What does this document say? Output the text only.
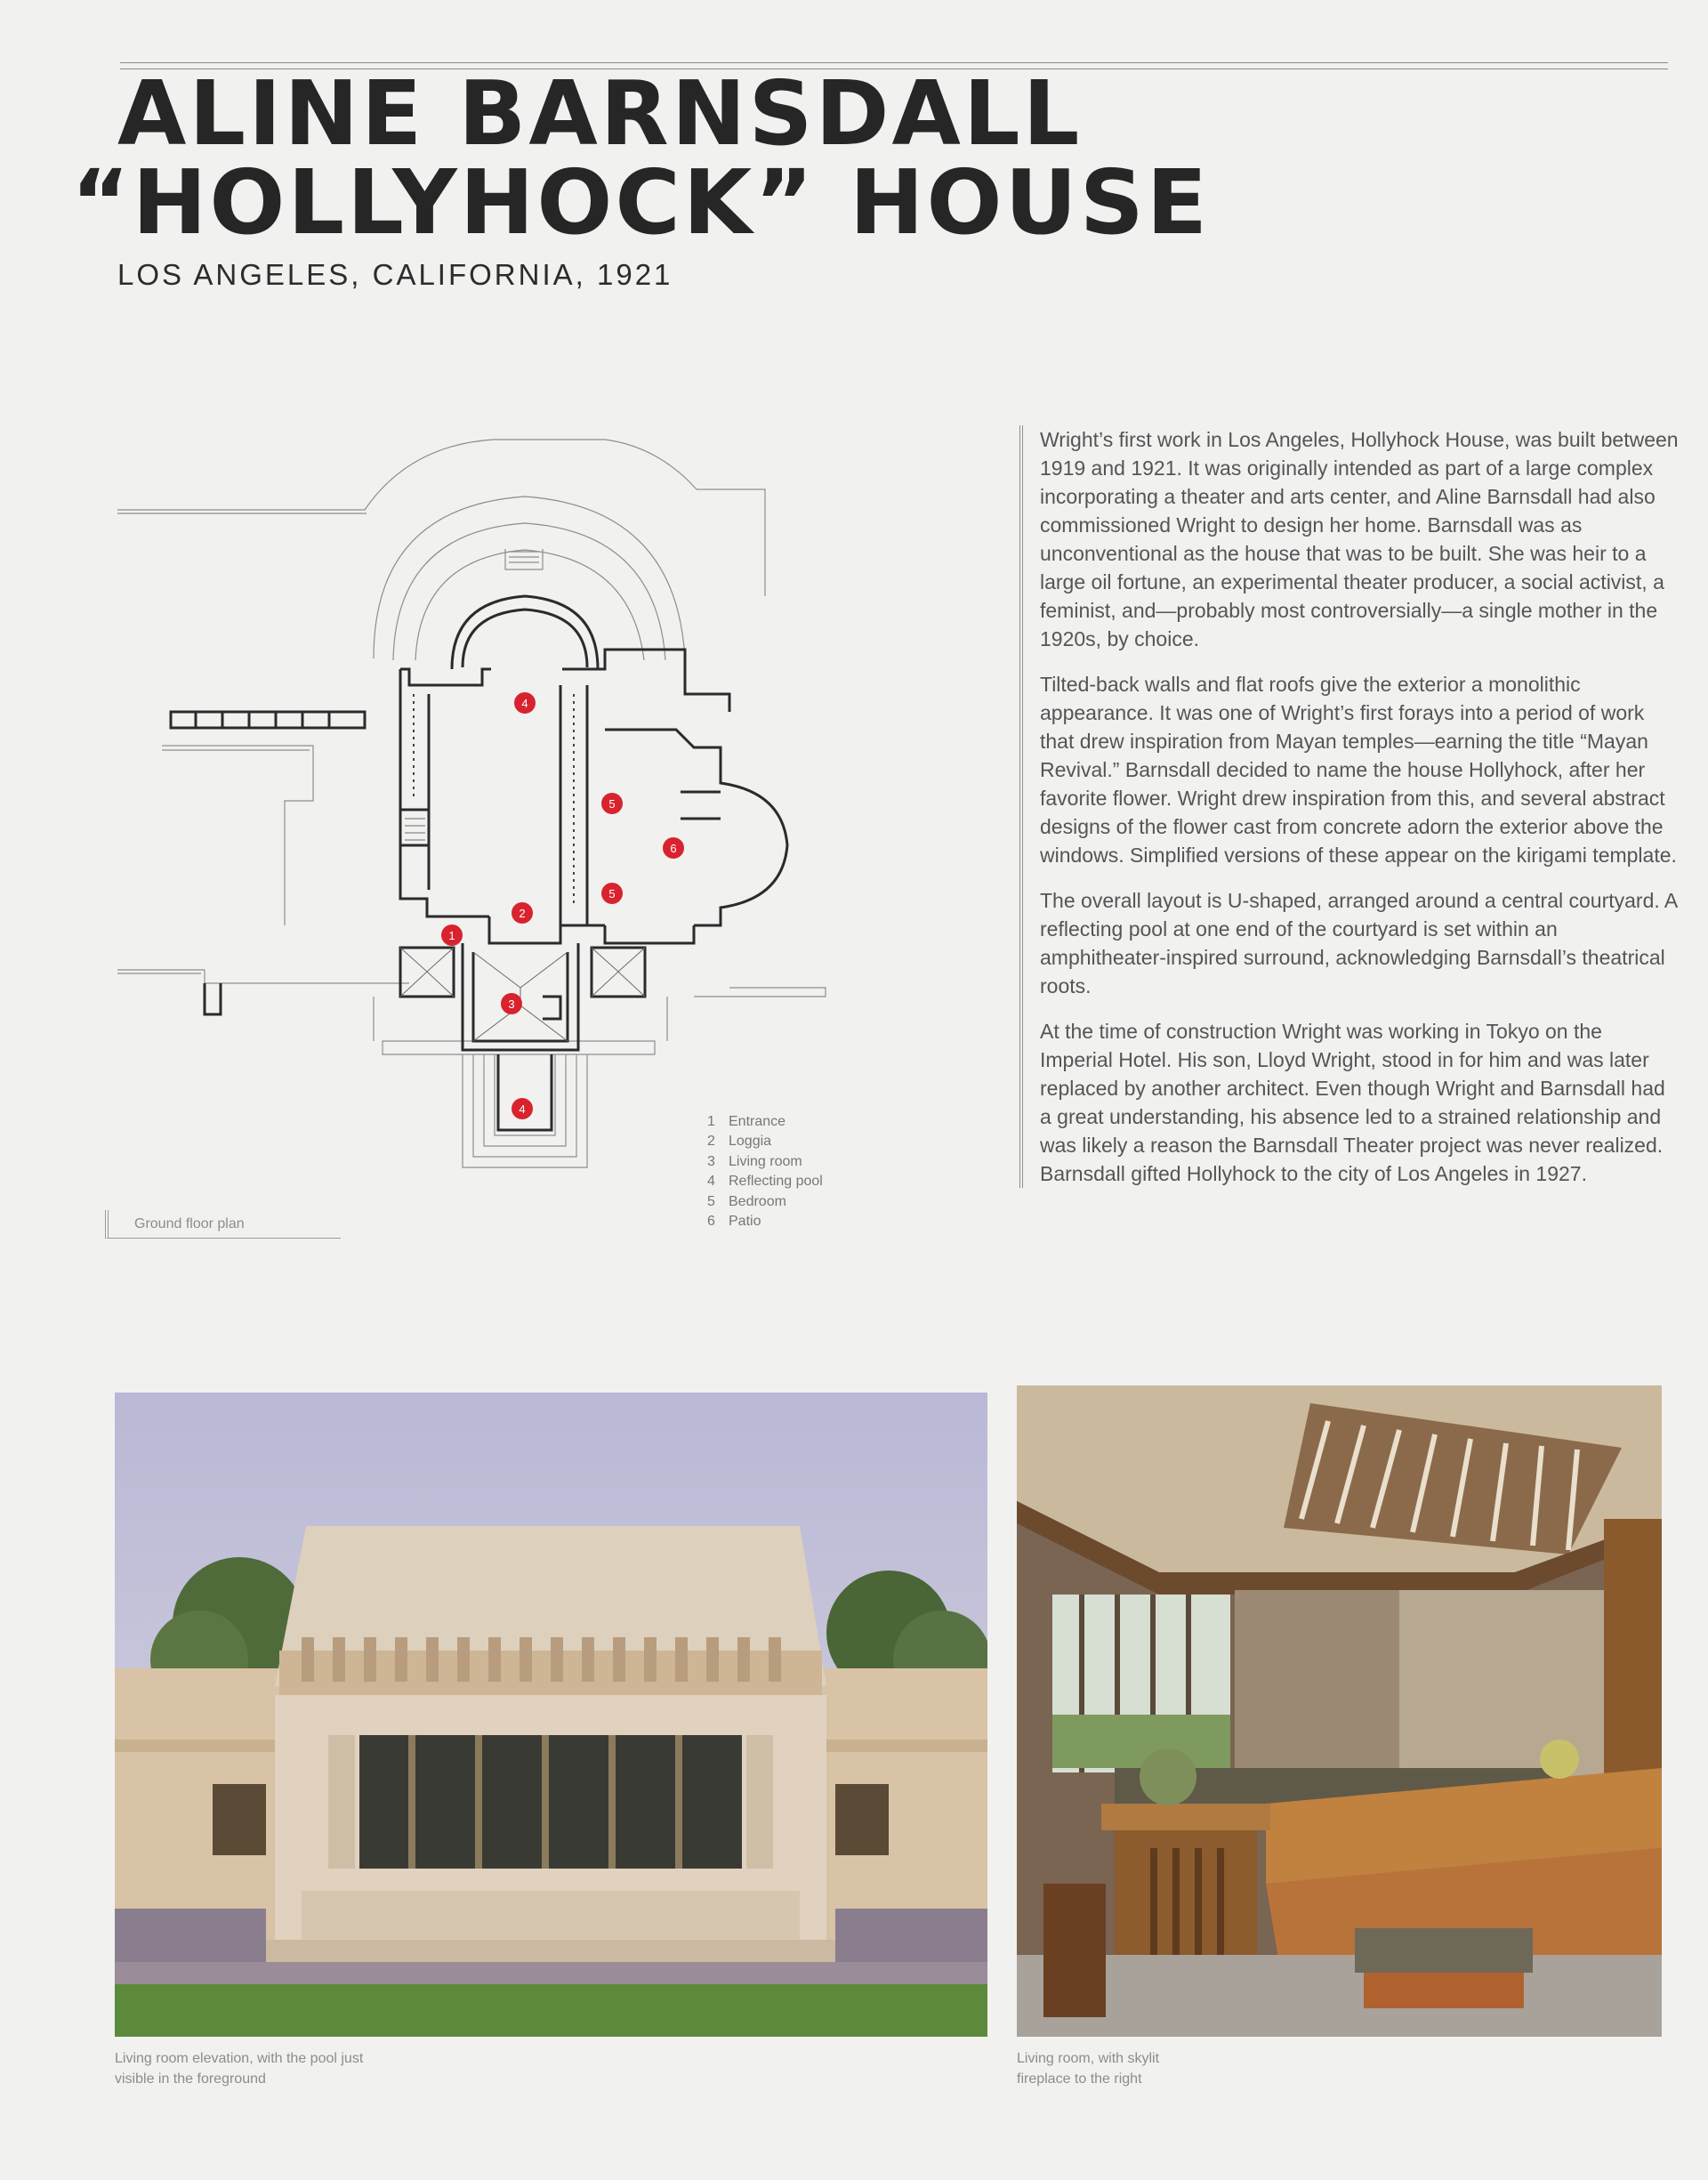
ALINE BARNSDALL
“HOLLYHOCK” HOUSE
LOS ANGELES, CALIFORNIA, 1921
4
5
6
5
2
1
3
4
1 Entrance
2 Loggia
3 Living room
4 Reflecting pool
5 Bedroom
6 Patio
Ground floor plan

Wright’s first work in Los Angeles, Hollyhock House, was built between 1919 and 1921. It was originally intended as part of a large complex incorporating a theater and arts center, and Aline Barnsdall had also commissioned Wright to design her home. Barnsdall was as unconventional as the house that was to be built. She was heir to a large oil fortune, an experimental theater producer, a social activist, a feminist, and—probably most controversially—a single mother in the 1920s, by choice.

Tilted-back walls and flat roofs give the exterior a monolithic appearance. It was one of Wright’s first forays into a period of work that drew inspiration from Mayan temples—earning the title “Mayan Revival.” Barnsdall decided to name the house Hollyhock, after her favorite flower. Wright drew inspiration from this, and several abstract designs of the flower cast from concrete adorn the exterior above the windows. Simplified versions of these appear on the kirigami template.

The overall layout is U-shaped, arranged around a central courtyard. A reflecting pool at one end of the courtyard is set within an amphitheater-inspired surround, acknowledging Barnsdall’s theatrical roots.

At the time of construction Wright was working in Tokyo on the Imperial Hotel. His son, Lloyd Wright, stood in for him and was later replaced by another architect. Even though Wright and Barnsdall had a great understanding, his absence led to a strained relationship and was likely a reason the Barnsdall Theater project was never realized. Barnsdall gifted Hollyhock to the city of Los Angeles in 1927.

Living room elevation, with the pool just
visible in the foreground
Living room, with skylit
fireplace to the right
